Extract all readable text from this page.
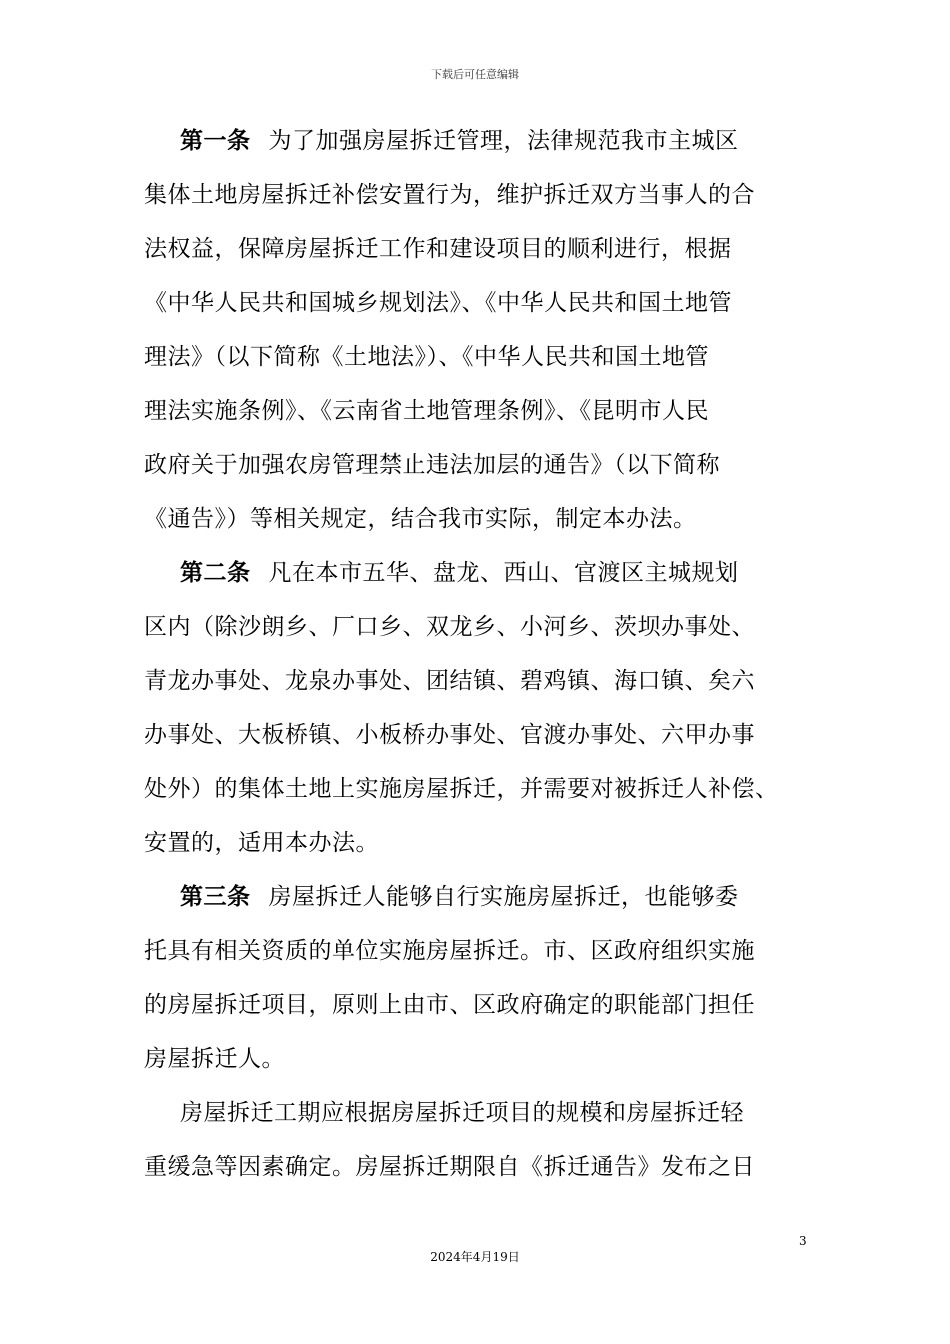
下载后可任意编辑
第一条 为了加强房屋拆迁管理，法律规范我市主城区
集体土地房屋拆迁补偿安置行为，维护拆迁双方当事人的合
法权益，保障房屋拆迁工作和建设项目的顺利进行，根据
《中华人民共和国城乡规划法》、《中华人民共和国土地管
理法》（以下简称《土地法》）、《中华人民共和国土地管
理法实施条例》、《云南省土地管理条例》、《昆明市人民
政府关于加强农房管理禁止违法加层的通告》（以下简称
《通告》）等相关规定，结合我市实际，制定本办法。
第二条 凡在本市五华、盘龙、西山、官渡区主城规划
区内（除沙朗乡、厂口乡、双龙乡、小河乡、茨坝办事处、
青龙办事处、龙泉办事处、团结镇、碧鸡镇、海口镇、矣六
办事处、大板桥镇、小板桥办事处、官渡办事处、六甲办事
处外）的集体土地上实施房屋拆迁，并需要对被拆迁人补偿、
安置的，适用本办法。
第三条 房屋拆迁人能够自行实施房屋拆迁，也能够委
托具有相关资质的单位实施房屋拆迁。市、区政府组织实施
的房屋拆迁项目，原则上由市、区政府确定的职能部门担任
房屋拆迁人。
房屋拆迁工期应根据房屋拆迁项目的规模和房屋拆迁轻
重缓急等因素确定。房屋拆迁期限自《拆迁通告》发布之日
3
2024年4月19日
